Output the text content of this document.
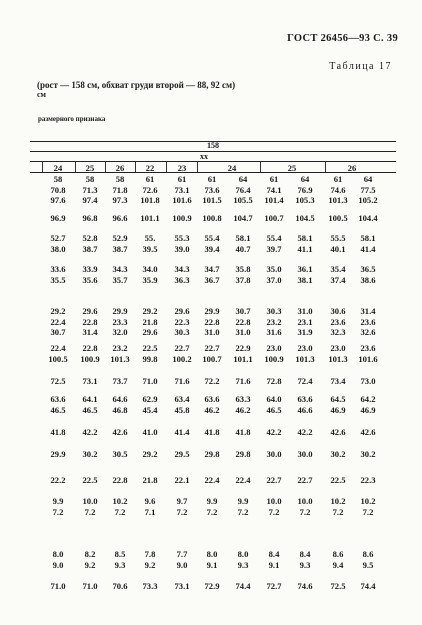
ГОСТ 26456—93 С. 39
Таблица 17
(рост — 158 см, обхват груди второй — 88, 92 см)
см
размерного признака
158
хх
24	25	26	22	23	24	25	26
58	58	58	61	61	61	64	61	64	61	64
70.8	71.3	71.8	72.6	73.1	73.6	76.4	74.1	76.9	74.6	77.5
97.6	97.4	97.3	101.8	101.6	101.5	105.5	101.4	105.3	101.3	105.2
96.9	96.8	96.6	101.1	100.9	100.8	104.7	100.7	104.5	100.5	104.4
52.7	52.8	52.9	55.	55.3	55.4	58.1	55.4	58.1	55.5	58.1
38.0	38.7	38.7	39.5	39.0	39.4	40.7	39.7	41.1	40.1	41.4
33.6	33.9	34.3	34.0	34.3	34.7	35.8	35.0	36.1	35.4	36.5
35.5	35.6	35.7	35.9	36.3	36.7	37.8	37.0	38.1	37.4	38.6
29.2	29.6	29.9	29.2	29.6	29.9	30.7	30.3	31.0	30.6	31.4
22.4	22.8	23.3	21.8	22.3	22.8	22.8	23.2	23.1	23.6	23.6
30.7	31.4	32.0	29.6	30.3	31.0	31.0	31.6	31.9	32.3	32.6
22.4	22.8	23.2	22.5	22.7	22.7	22.9	23.0	23.0	23.0	23.6
100.5	100.9	101.3	99.8	100.2	100.7	101.1	100.9	101.3	101.3	101.6
72.5	73.1	73.7	71.0	71.6	72.2	71.6	72.8	72.4	73.4	73.0
63.6	64.1	64.6	62.9	63.4	63.6	63.3	64.0	63.6	64.5	64.2
46.5	46.5	46.8	45.4	45.8	46.2	46.2	46.5	46.6	46.9	46.9
41.8	42.2	42.6	41.0	41.4	41.8	41.8	42.2	42.2	42.6	42.6
29.9	30.2	30.5	29.2	29.5	29.8	29.8	30.0	30.0	30.2	30.2
22.2	22.5	22.8	21.8	22.1	22.4	22.4	22.7	22.7	22.5	22.3
9.9	10.0	10.2	9.6	9.7	9.9	9.9	10.0	10.0	10.2	10.2
7.2	7.2	7.2	7.1	7.2	7.2	7.2	7.2	7.2	7.2	7.2
8.0	8.2	8.5	7.8	7.7	8.0	8.0	8.4	8.4	8.6	8.6
9.0	9.2	9.3	9.2	9.0	9.1	9.3	9.1	9.3	9.4	9.5
71.0	71.0	70.6	73.3	73.1	72.9	74.4	72.7	74.6	72.5	74.4
